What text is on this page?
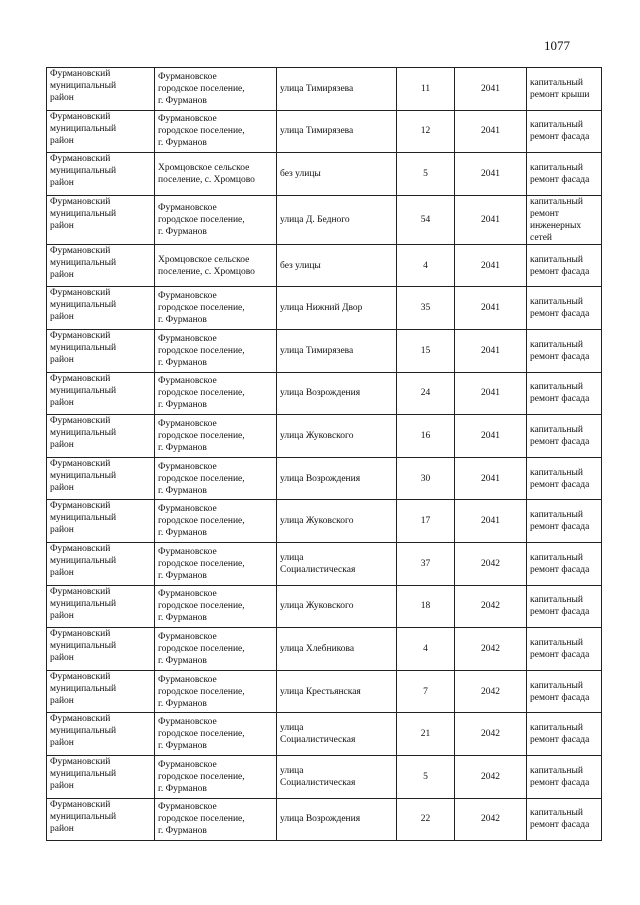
1077
Фурмановский
муниципальный
район	Фурмановское
городское поселение,
г. Фурманов	улица Тимирязева	11	2041	капитальный
ремонт крыши

Фурмановский
муниципальный
район	Фурмановское
городское поселение,
г. Фурманов	улица Тимирязева	12	2041	капитальный
ремонт фасада

Фурмановский
муниципальный
район	Хромцовское сельское
поселение, с. Хромцово	без улицы	5	2041	капитальный
ремонт фасада

Фурмановский
муниципальный
район	Фурмановское
городское поселение,
г. Фурманов	улица Д. Бедного	54	2041	капитальный
ремонт
инженерных
сетей

Фурмановский
муниципальный
район	Хромцовское сельское
поселение, с. Хромцово	без улицы	4	2041	капитальный
ремонт фасада

Фурмановский
муниципальный
район	Фурмановское
городское поселение,
г. Фурманов	улица Нижний Двор	35	2041	капитальный
ремонт фасада

Фурмановский
муниципальный
район	Фурмановское
городское поселение,
г. Фурманов	улица Тимирязева	15	2041	капитальный
ремонт фасада

Фурмановский
муниципальный
район	Фурмановское
городское поселение,
г. Фурманов	улица Возрождения	24	2041	капитальный
ремонт фасада

Фурмановский
муниципальный
район	Фурмановское
городское поселение,
г. Фурманов	улица Жуковского	16	2041	капитальный
ремонт фасада

Фурмановский
муниципальный
район	Фурмановское
городское поселение,
г. Фурманов	улица Возрождения	30	2041	капитальный
ремонт фасада

Фурмановский
муниципальный
район	Фурмановское
городское поселение,
г. Фурманов	улица Жуковского	17	2041	капитальный
ремонт фасада

Фурмановский
муниципальный
район	Фурмановское
городское поселение,
г. Фурманов	улица
Социалистическая	37	2042	капитальный
ремонт фасада

Фурмановский
муниципальный
район	Фурмановское
городское поселение,
г. Фурманов	улица Жуковского	18	2042	капитальный
ремонт фасада

Фурмановский
муниципальный
район	Фурмановское
городское поселение,
г. Фурманов	улица Хлебникова	4	2042	капитальный
ремонт фасада

Фурмановский
муниципальный
район	Фурмановское
городское поселение,
г. Фурманов	улица Крестьянская	7	2042	капитальный
ремонт фасада

Фурмановский
муниципальный
район	Фурмановское
городское поселение,
г. Фурманов	улица
Социалистическая	21	2042	капитальный
ремонт фасада

Фурмановский
муниципальный
район	Фурмановское
городское поселение,
г. Фурманов	улица
Социалистическая	5	2042	капитальный
ремонт фасада

Фурмановский
муниципальный
район	Фурмановское
городское поселение,
г. Фурманов	улица Возрождения	22	2042	капитальный
ремонт фасада
